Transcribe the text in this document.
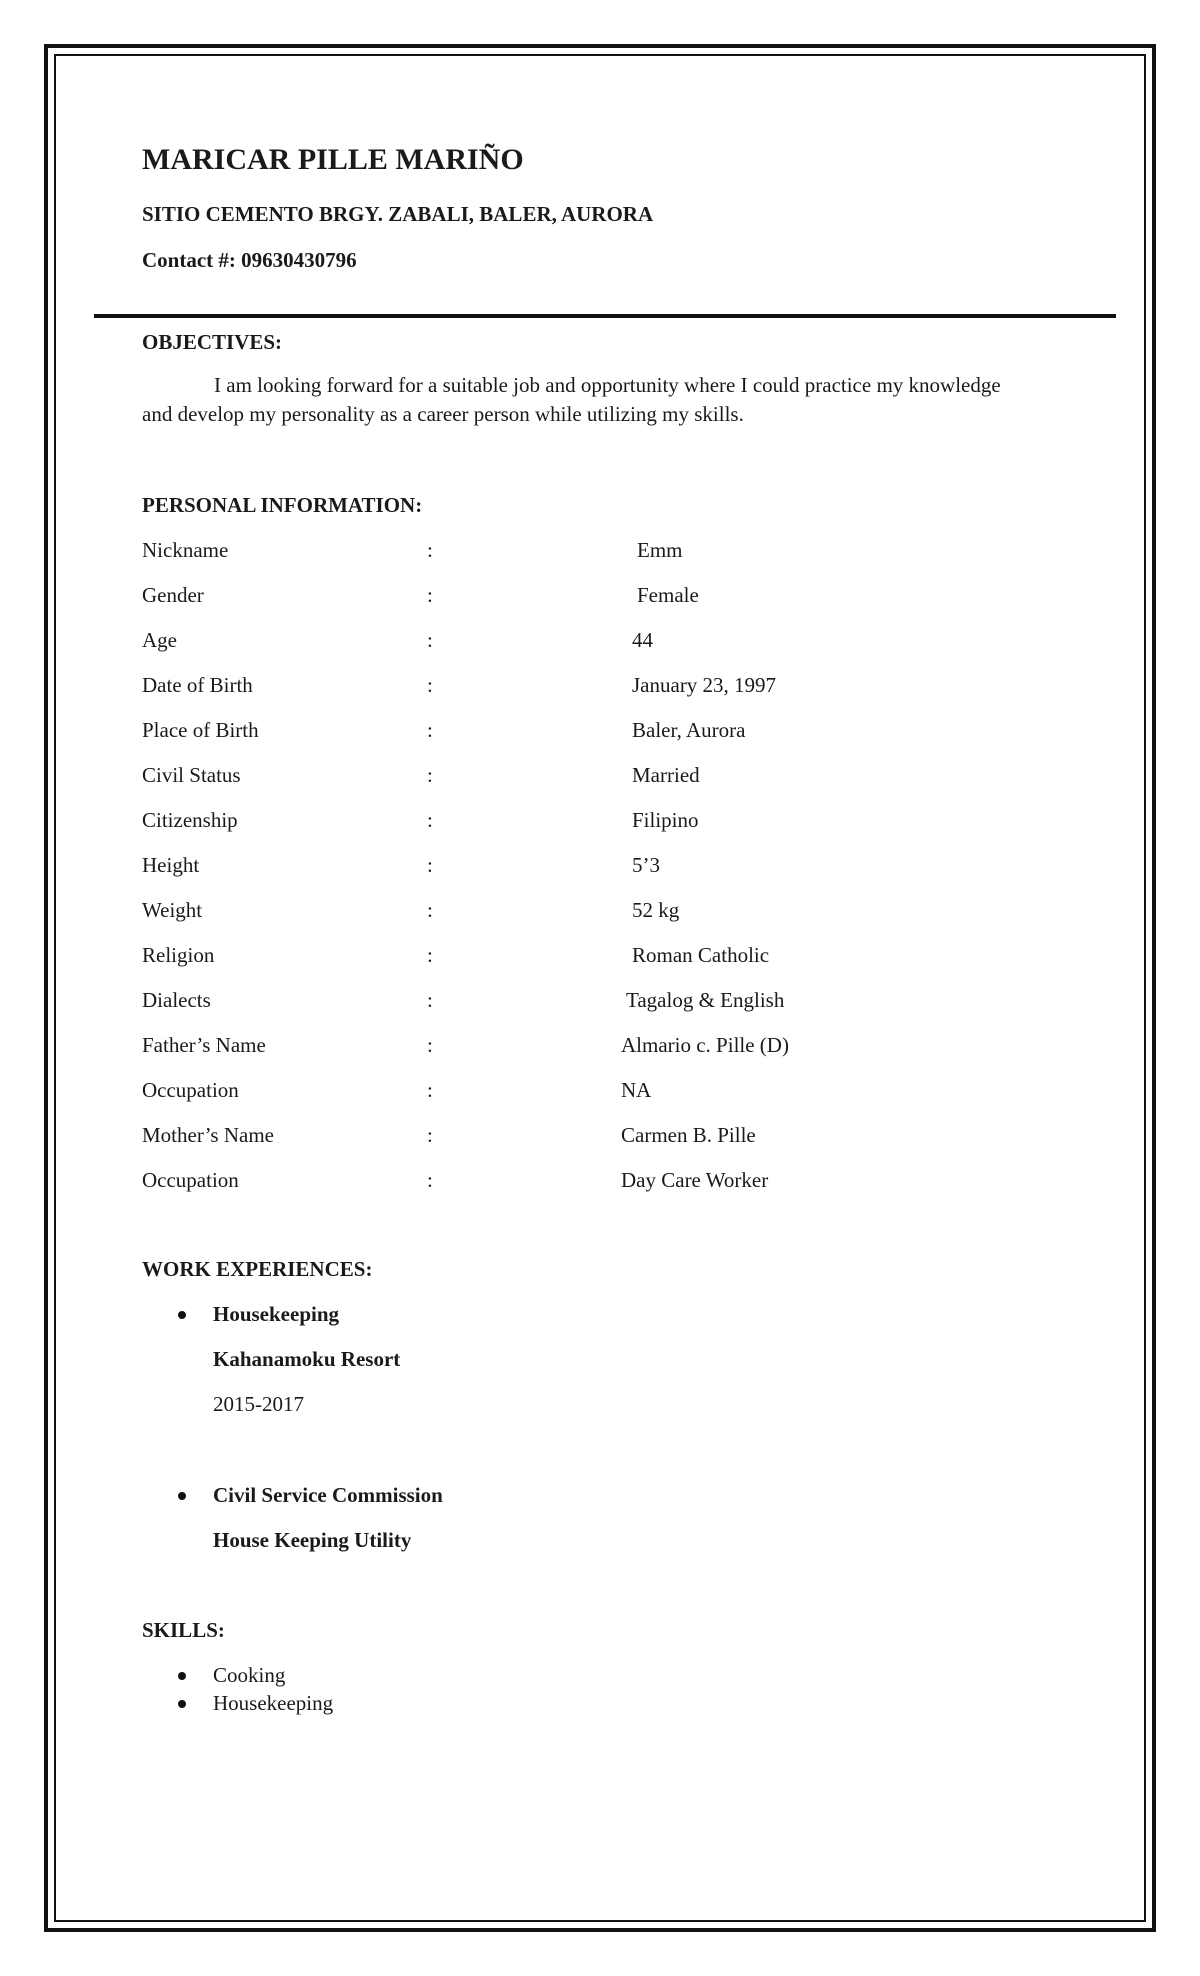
MARICAR PILLE MARIÑO
SITIO CEMENTO BRGY. ZABALI, BALER, AURORA
Contact #: 09630430796
OBJECTIVES:
I am looking forward for a suitable job and opportunity where I could practice my knowledge and develop my personality as a career person while utilizing my skills.
PERSONAL INFORMATION:
Nickname	:	Emm
Gender	:	Female
Age	:	44
Date of Birth	:	January 23, 1997
Place of Birth	:	Baler, Aurora
Civil Status	:	Married
Citizenship	:	Filipino
Height	:	5’3
Weight	:	52 kg
Religion	:	Roman Catholic
Dialects	:	Tagalog & English
Father’s Name	:	Almario c. Pille (D)
Occupation	:	NA
Mother’s Name	:	Carmen B. Pille
Occupation	:	Day Care Worker
WORK EXPERIENCES:
Housekeeping
Kahanamoku Resort
2015-2017
Civil Service Commission
House Keeping Utility
SKILLS:
Cooking
Housekeeping
